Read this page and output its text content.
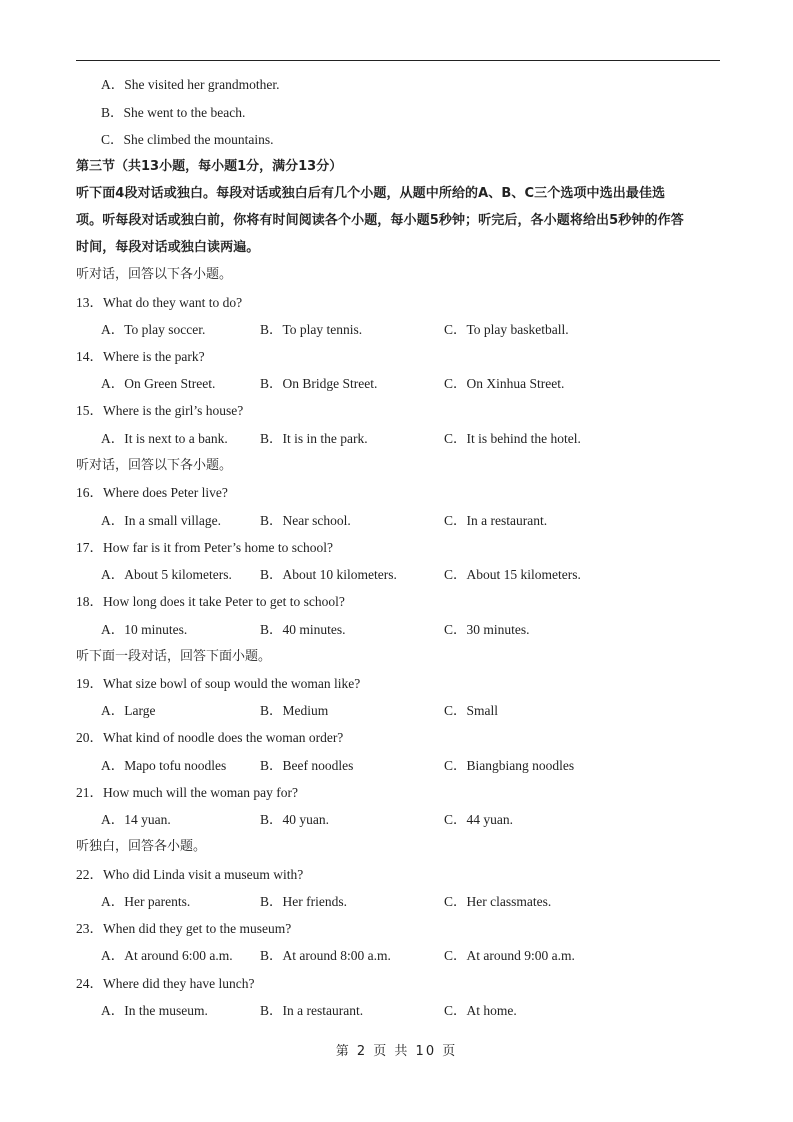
A．She visited her grandmother.
B．She went to the beach.
C．She climbed the mountains.
第三节（共13小题，每小题1分，满分13分）
听下面4段对话或独白。每段对话或独白后有几个小题，从题中所给的A、B、C三个选项中选出最佳选
项。听每段对话或独白前，你将有时间阅读各个小题，每小题5秒钟；听完后，各小题将给出5秒钟的作答
时间，每段对话或独白读两遍。
听对话，回答以下各小题。
13．What do they want to do?
A．To play soccer.	B．To play tennis.	C．To play basketball.
14．Where is the park?
A．On Green Street.	B．On Bridge Street.	C．On Xinhua Street.
15．Where is the girl’s house?
A．It is next to a bank. B．It is in the park.	C．It is behind the hotel.
听对话，回答以下各小题。
16．Where does Peter live?
A．In a small village.	B．Near school.	C．In a restaurant.
17．How far is it from Peter’s home to school?
A．About 5 kilometers. B．About 10 kilometers.	C．About 15 kilometers.
18．How long does it take Peter to get to school?
A．10 minutes.	B．40 minutes.	C．30 minutes.
听下面一段对话，回答下面小题。
19．What size bowl of soup would the woman like?
A．Large	B．Medium	C．Small
20．What kind of noodle does the woman order?
A．Mapo tofu noodles	B．Beef noodles	C．Biangbiang noodles
21．How much will the woman pay for?
A．14 yuan.	B．40 yuan.	C．44 yuan.
听独白，回答各小题。
22．Who did Linda visit a museum with?
A．Her parents.	B．Her friends.	C．Her classmates.
23．When did they get to the museum?
A．At around 6:00 a.m. B．At around 8:00 a.m.	C．At around 9:00 a.m.
24．Where did they have lunch?
A．In the museum.	B．In a restaurant.	C．At home.
第 2 页 共 10 页
